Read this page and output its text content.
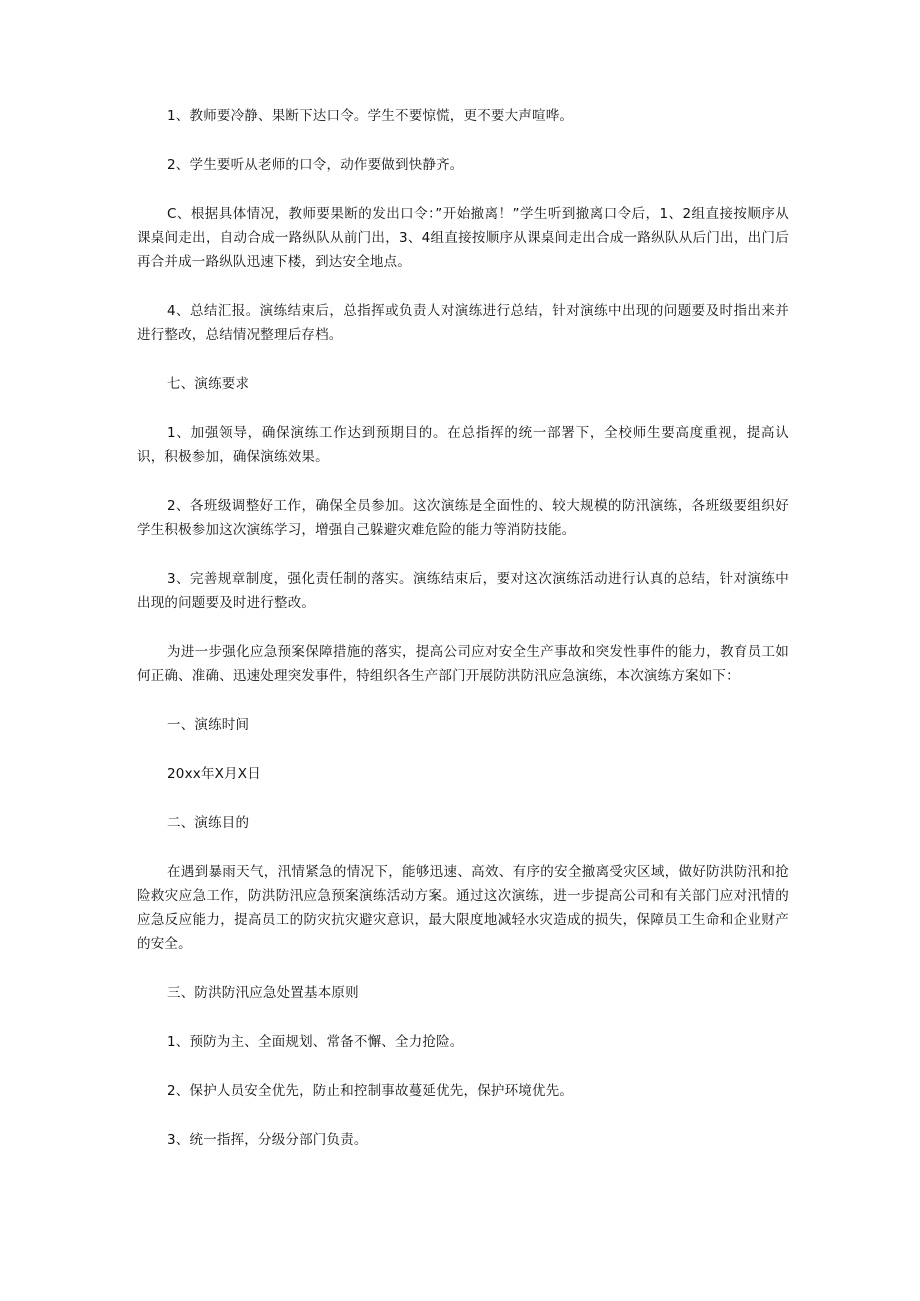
1、教师要冷静、果断下达口令。学生不要惊慌，更不要大声喧哗。

2、学生要听从老师的口令，动作要做到快静齐。

C、根据具体情况，教师要果断的发出口令：”开始撤离！”学生听到撤离口令后，1、2组直接按顺序从课桌间走出，自动合成一路纵队从前门出，3、4组直接按顺序从课桌间走出合成一路纵队从后门出，出门后再合并成一路纵队迅速下楼，到达安全地点。

4、总结汇报。演练结束后，总指挥或负责人对演练进行总结，针对演练中出现的问题要及时指出来并进行整改，总结情况整理后存档。

七、演练要求

1、加强领导，确保演练工作达到预期目的。在总指挥的统一部署下，全校师生要高度重视，提高认识，积极参加，确保演练效果。

2、各班级调整好工作，确保全员参加。这次演练是全面性的、较大规模的防汛演练，各班级要组织好学生积极参加这次演练学习，增强自己躲避灾难危险的能力等消防技能。

3、完善规章制度，强化责任制的落实。演练结束后，要对这次演练活动进行认真的总结，针对演练中出现的问题要及时进行整改。

为进一步强化应急预案保障措施的落实，提高公司应对安全生产事故和突发性事件的能力，教育员工如何正确、准确、迅速处理突发事件，特组织各生产部门开展防洪防汛应急演练，本次演练方案如下：

一、演练时间

20xx年X月X日

二、演练目的

在遇到暴雨天气，汛情紧急的情况下，能够迅速、高效、有序的安全撤离受灾区域，做好防洪防汛和抢险救灾应急工作，防洪防汛应急预案演练活动方案。通过这次演练，进一步提高公司和有关部门应对汛情的应急反应能力，提高员工的防灾抗灾避灾意识，最大限度地减轻水灾造成的损失，保障员工生命和企业财产的安全。

三、防洪防汛应急处置基本原则

1、预防为主、全面规划、常备不懈、全力抢险。

2、保护人员安全优先，防止和控制事故蔓延优先，保护环境优先。

3、统一指挥，分级分部门负责。
